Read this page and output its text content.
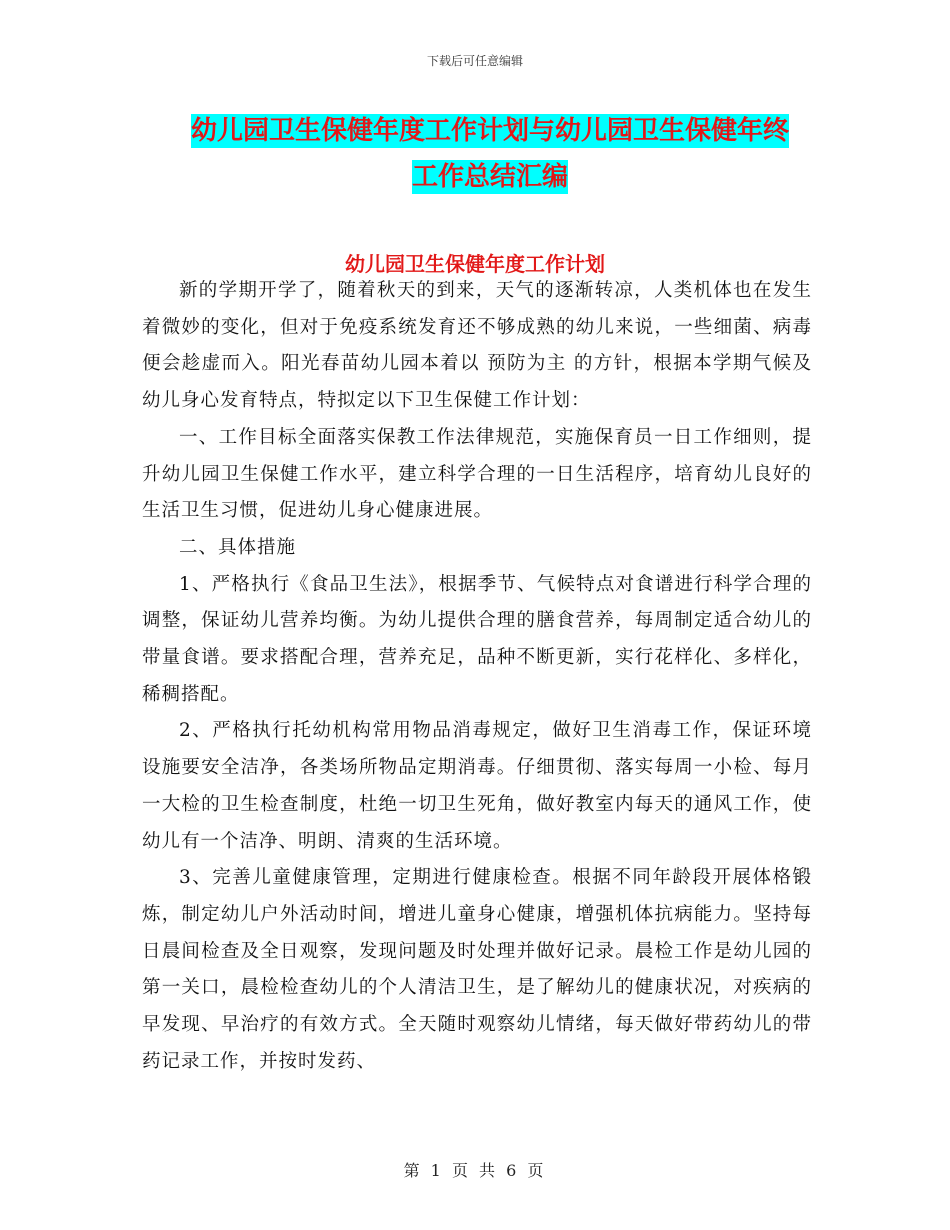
下载后可任意编辑
幼儿园卫生保健年度工作计划与幼儿园卫生保健年终
工作总结汇编
幼儿园卫生保健年度工作计划

新的学期开学了，随着秋天的到来，天气的逐渐转凉，人类机体也在发生着微妙的变化，但对于免疫系统发育还不够成熟的幼儿来说，一些细菌、病毒便会趁虚而入。阳光春苗幼儿园本着以 预防为主 的方针，根据本学期气候及幼儿身心发育特点，特拟定以下卫生保健工作计划：

一、工作目标全面落实保教工作法律规范，实施保育员一日工作细则，提升幼儿园卫生保健工作水平，建立科学合理的一日生活程序，培育幼儿良好的生活卫生习惯，促进幼儿身心健康进展。

二、具体措施

1、严格执行《食品卫生法》，根据季节、气候特点对食谱进行科学合理的调整，保证幼儿营养均衡。为幼儿提供合理的膳食营养，每周制定适合幼儿的带量食谱。要求搭配合理，营养充足，品种不断更新，实行花样化、多样化，稀稠搭配。

2、严格执行托幼机构常用物品消毒规定，做好卫生消毒工作，保证环境设施要安全洁净，各类场所物品定期消毒。仔细贯彻、落实每周一小检、每月一大检的卫生检查制度，杜绝一切卫生死角，做好教室内每天的通风工作，使幼儿有一个洁净、明朗、清爽的生活环境。

3、完善儿童健康管理，定期进行健康检查。根据不同年龄段开展体格锻炼，制定幼儿户外活动时间，增进儿童身心健康，增强机体抗病能力。坚持每日晨间检查及全日观察，发现问题及时处理并做好记录。晨检工作是幼儿园的第一关口，晨检检查幼儿的个人清洁卫生，是了解幼儿的健康状况，对疾病的早发现、早治疗的有效方式。全天随时观察幼儿情绪，每天做好带药幼儿的带药记录工作，并按时发药、

第 1 页 共 6 页
